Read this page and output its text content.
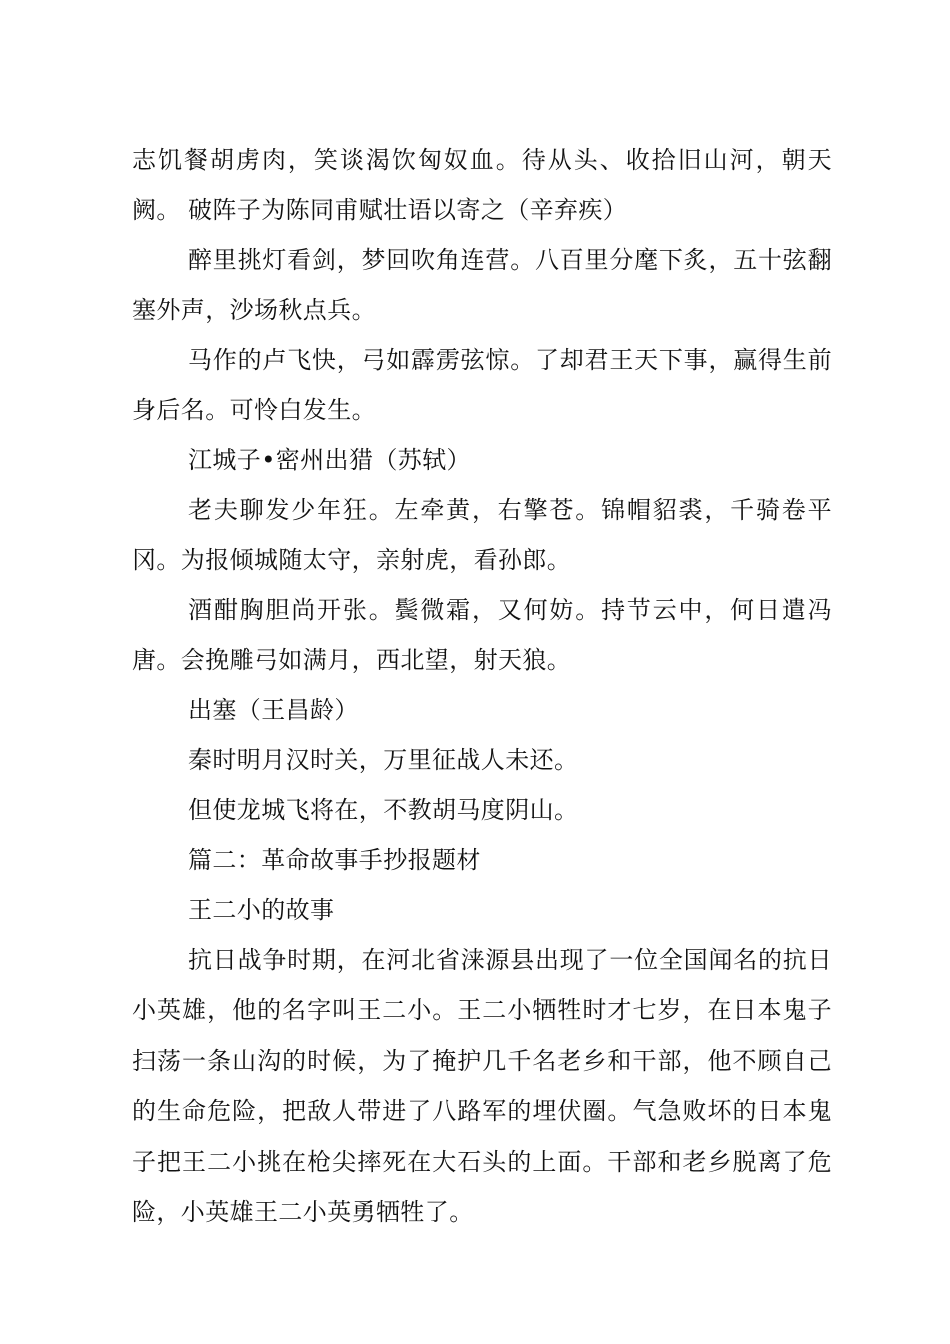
志饥餐胡虏肉，笑谈渴饮匈奴血。待从头、收拾旧山河，朝天阙。 破阵子为陈同甫赋壮语以寄之（辛弃疾）

醉里挑灯看剑，梦回吹角连营。八百里分麾下炙，五十弦翻塞外声，沙场秋点兵。

马作的卢飞快，弓如霹雳弦惊。了却君王天下事，赢得生前身后名。可怜白发生。

江城子•密州出猎（苏轼）

老夫聊发少年狂。左牵黄，右擎苍。锦帽貂裘，千骑卷平冈。为报倾城随太守，亲射虎，看孙郎。

酒酣胸胆尚开张。鬓微霜，又何妨。持节云中，何日遣冯唐。会挽雕弓如满月，西北望，射天狼。

出塞（王昌龄）

秦时明月汉时关，万里征战人未还。

但使龙城飞将在，不教胡马度阴山。

篇二：革命故事手抄报题材

王二小的故事

抗日战争时期，在河北省涞源县出现了一位全国闻名的抗日小英雄，他的名字叫王二小。王二小牺牲时才七岁，在日本鬼子扫荡一条山沟的时候，为了掩护几千名老乡和干部，他不顾自己的生命危险，把敌人带进了八路军的埋伏圈。气急败坏的日本鬼子把王二小挑在枪尖摔死在大石头的上面。干部和老乡脱离了危险，小英雄王二小英勇牺牲了。
